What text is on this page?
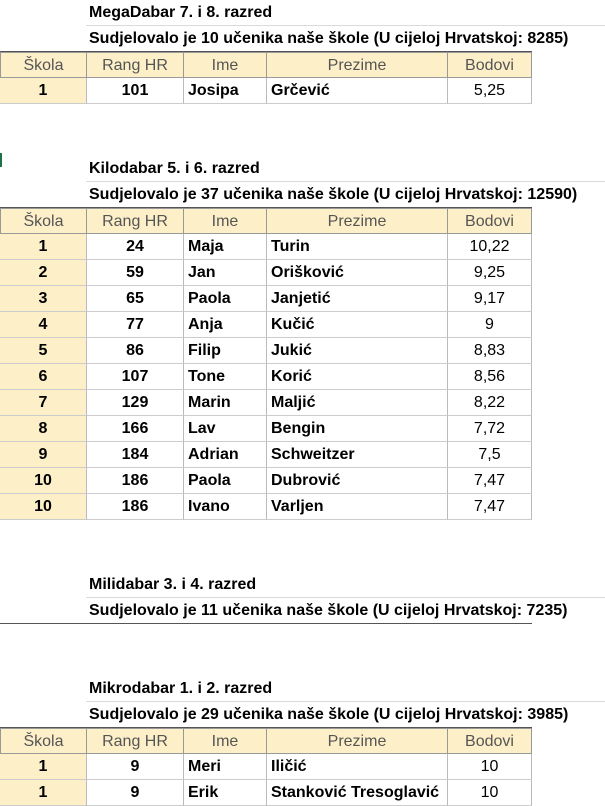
MegaDabar 7. i 8. razred
Sudjelovalo je 10 učenika naše škole (U cijeloj Hrvatskoj: 8285)
Škola	Rang HR	Ime	Prezime	Bodovi
1	101	Josipa	Grčević	5,25
Kilodabar 5. i 6. razred
Sudjelovalo je 37 učenika naše škole (U cijeloj Hrvatskoj: 12590)
Škola	Rang HR	Ime	Prezime	Bodovi
1	24	Maja	Turin	10,22
2	59	Jan	Orišković	9,25
3	65	Paola	Janjetić	9,17
4	77	Anja	Kučić	9
5	86	Filip	Jukić	8,83
6	107	Tone	Korić	8,56
7	129	Marin	Maljić	8,22
8	166	Lav	Bengin	7,72
9	184	Adrian	Schweitzer	7,5
10	186	Paola	Dubrović	7,47
10	186	Ivano	Varljen	7,47
Milidabar 3. i 4. razred
Sudjelovalo je 11 učenika naše škole (U cijeloj Hrvatskoj: 7235)
Mikrodabar 1. i 2. razred
Sudjelovalo je 29 učenika naše škole (U cijeloj Hrvatskoj: 3985)
Škola	Rang HR	Ime	Prezime	Bodovi
1	9	Meri	Iličić	10
1	9	Erik	Stanković Tresoglavić	10
